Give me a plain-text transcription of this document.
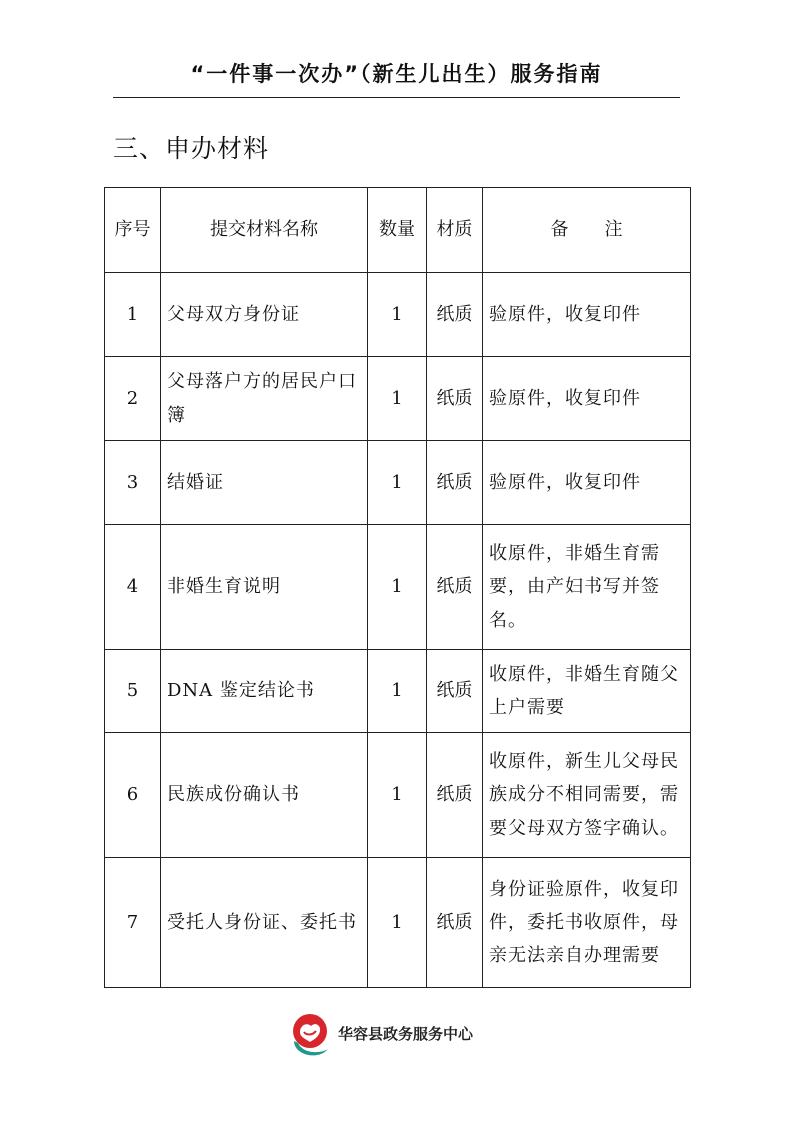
“一件事一次办”（新生儿出生）服务指南
三、申办材料
序号	提交材料名称	数量	材质	备　　注
1	父母双方身份证	1	纸质	验原件，收复印件
2	父母落户方的居民户口簿	1	纸质	验原件，收复印件
3	结婚证	1	纸质	验原件，收复印件
4	非婚生育说明	1	纸质	收原件，非婚生育需要，由产妇书写并签名。
5	DNA 鉴定结论书	1	纸质	收原件，非婚生育随父上户需要
6	民族成份确认书	1	纸质	收原件，新生儿父母民族成分不相同需要，需要父母双方签字确认。
7	受托人身份证、委托书	1	纸质	身份证验原件，收复印件，委托书收原件，母亲无法亲自办理需要
华容县政务服务中心
